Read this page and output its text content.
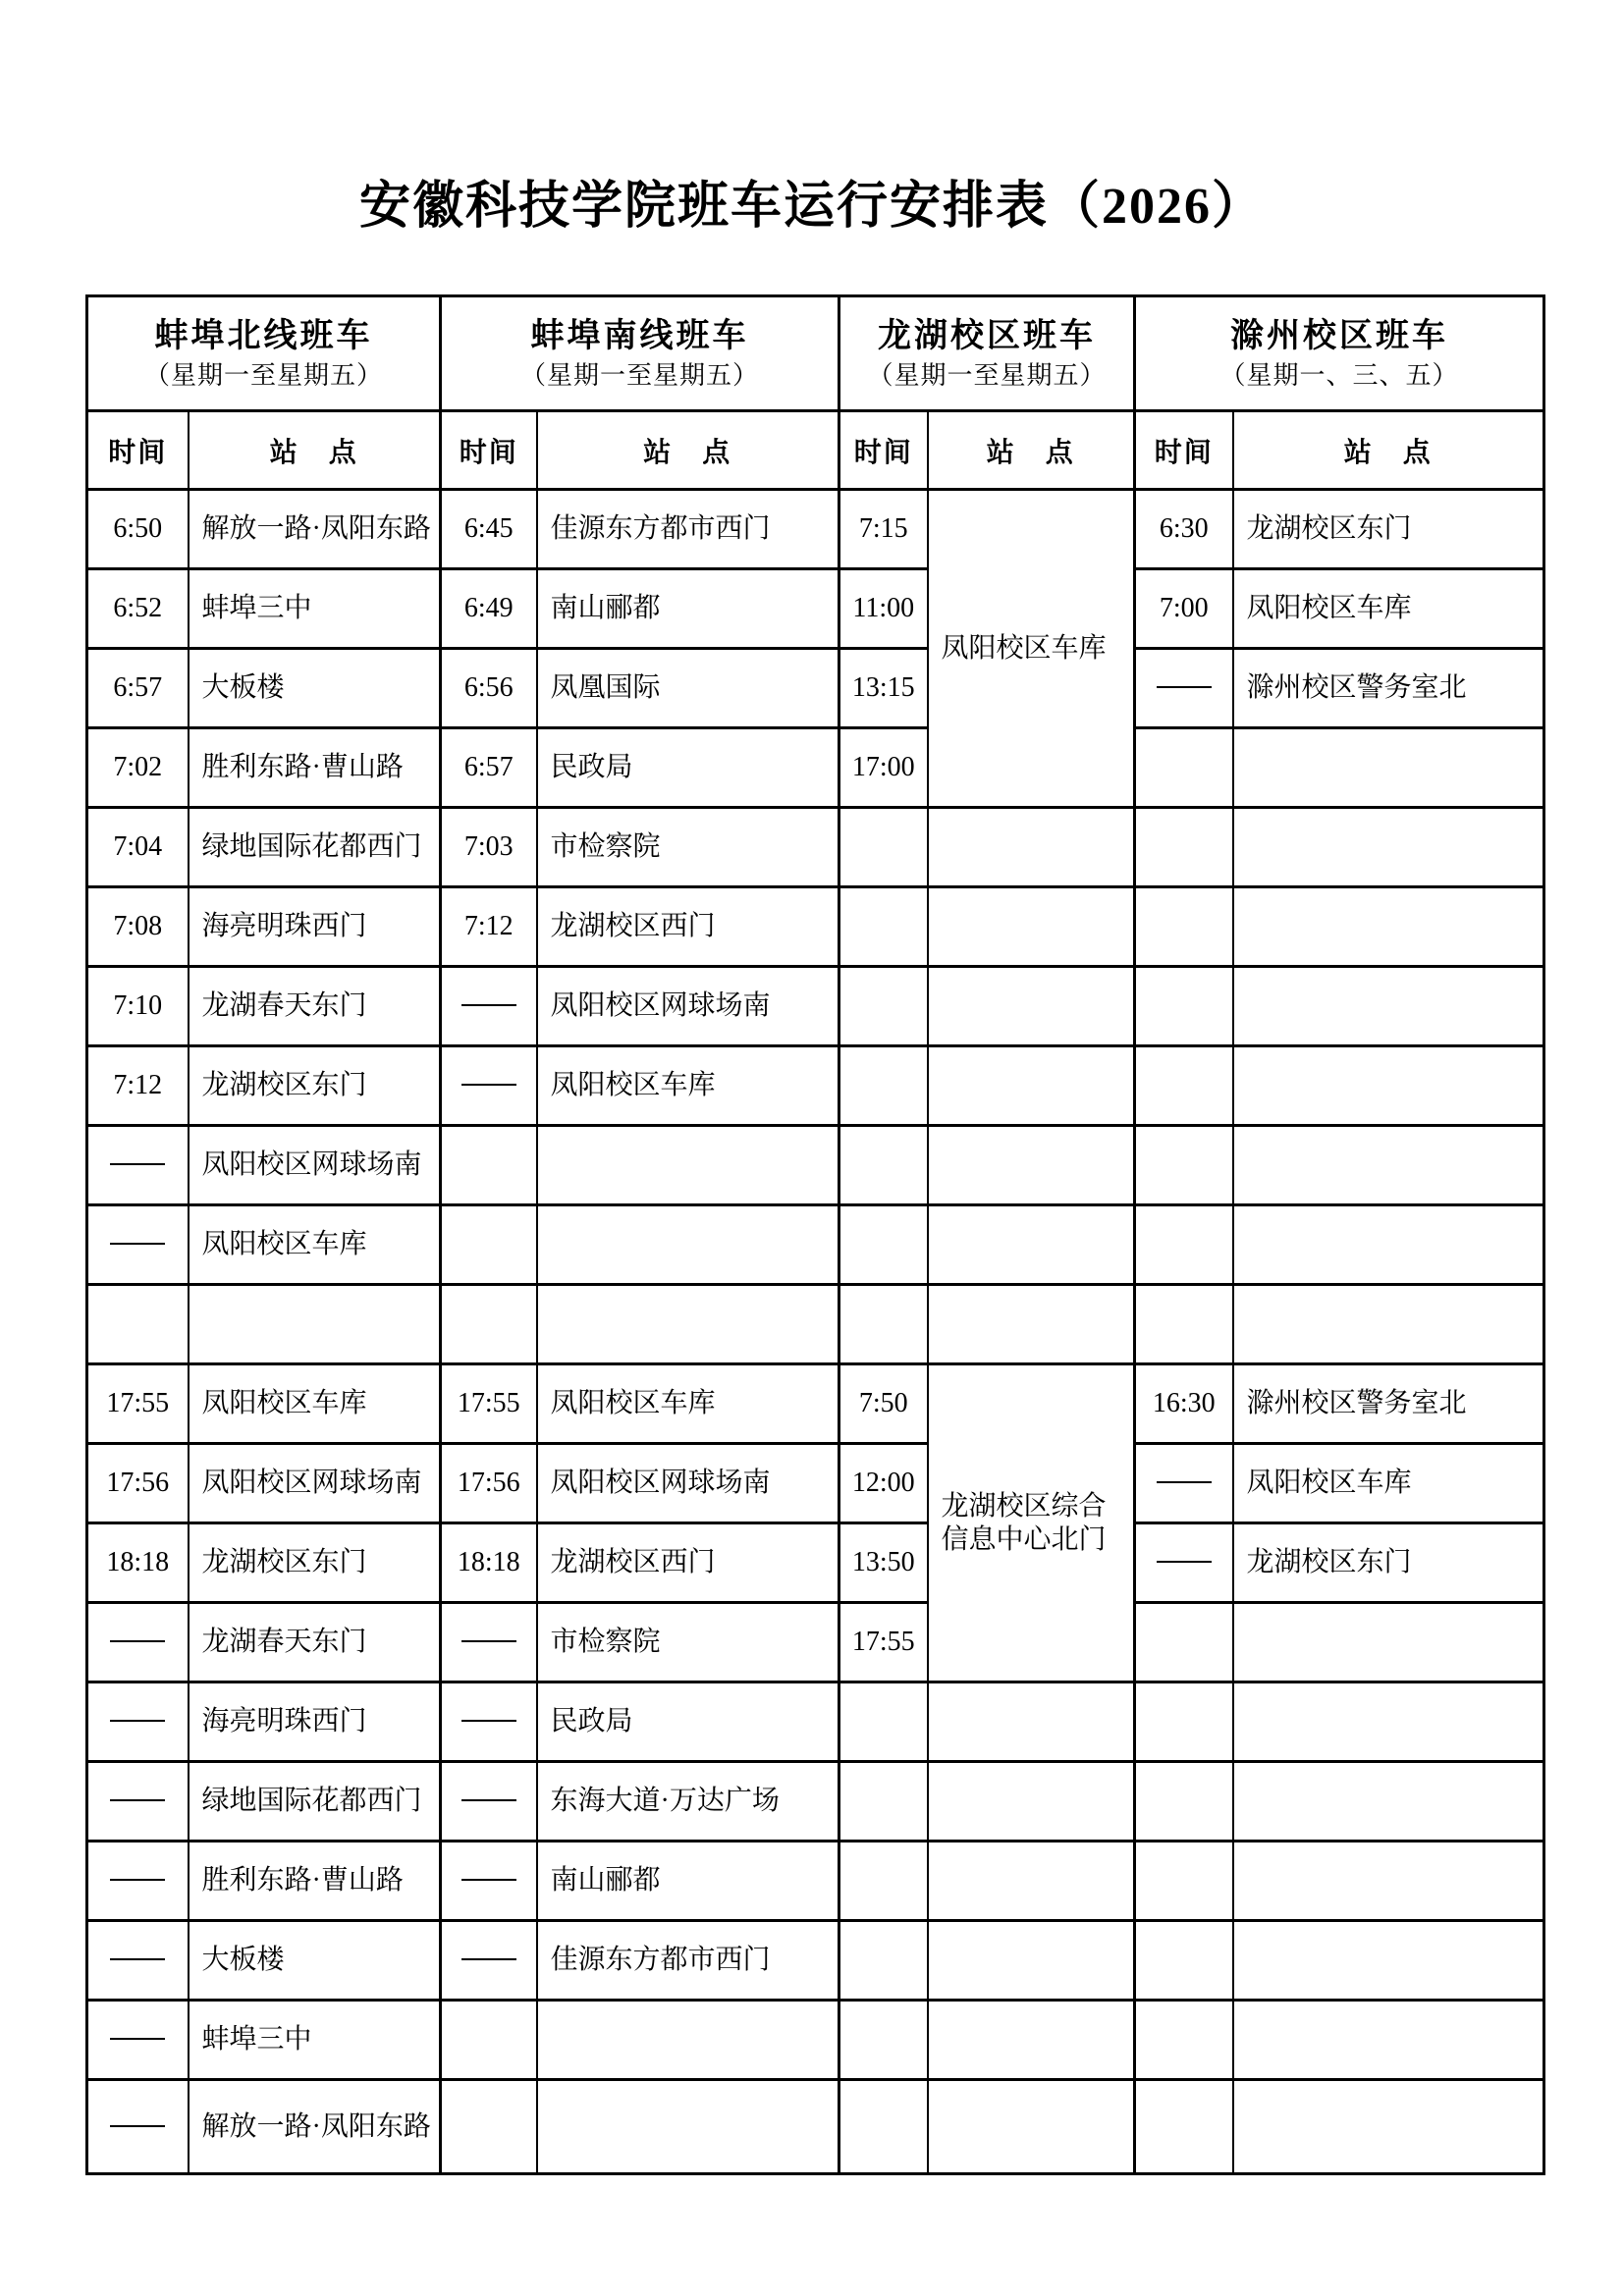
安徽科技学院班车运行安排表（2026）
蚌埠北线班车
（星期一至星期五）

蚌埠南线班车
（星期一至星期五）

龙湖校区班车
（星期一至星期五）

滁州校区班车
（星期一、三、五）

时间	站　点	时间	站　点	时间	站　点	时间	站　点
6:50	解放一路·凤阳东路	6:45	佳源东方都市西门	7:15	凤阳校区车库	6:30	龙湖校区东门
6:52	蚌埠三中	6:49	南山郦都	11:00		7:00	凤阳校区车库
6:57	大板楼	6:56	凤凰国际	13:15			滁州校区警务室北
7:02	胜利东路·曹山路	6:57	民政局	17:00			
7:04	绿地国际花都西门	7:03	市检察院				
7:08	海亮明珠西门	7:12	龙湖校区西门				
7:10	龙湖春天东门		凤阳校区网球场南				
7:12	龙湖校区东门		凤阳校区车库				
	凤阳校区网球场南						
	凤阳校区车库						

17:55	凤阳校区车库	17:55	凤阳校区车库	7:50	龙湖校区综合信息中心北门	16:30	滁州校区警务室北
17:56	凤阳校区网球场南	17:56	凤阳校区网球场南	12:00			凤阳校区车库
18:18	龙湖校区东门	18:18	龙湖校区西门	13:50			龙湖校区东门
	龙湖春天东门		市检察院	17:55			
	海亮明珠西门		民政局				
	绿地国际花都西门		东海大道·万达广场				
	胜利东路·曹山路		南山郦都				
	大板楼		佳源东方都市西门				
	蚌埠三中						
	解放一路·凤阳东路						
